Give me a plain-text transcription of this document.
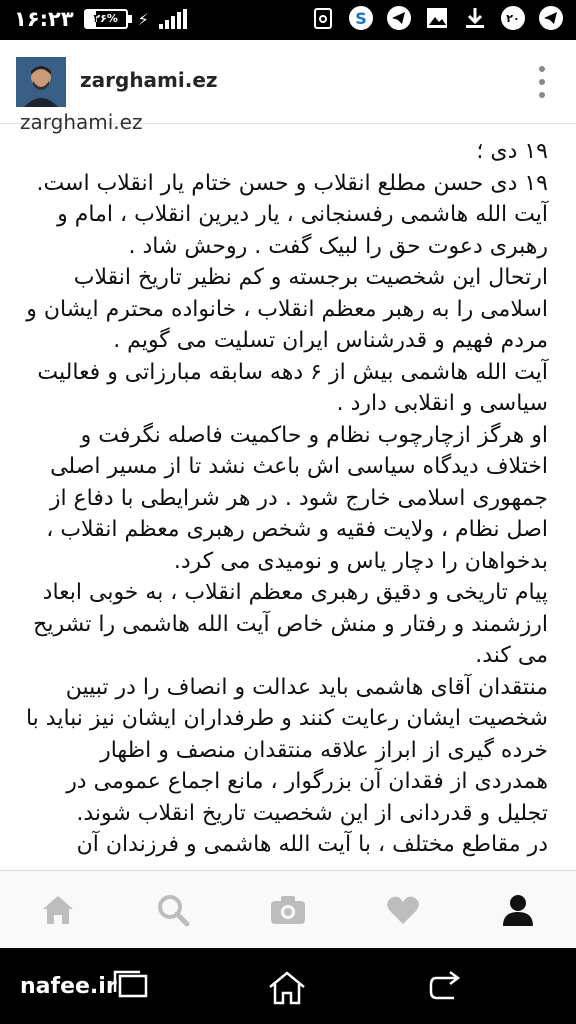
۱۶:۲۳	۲۶%	⚡	S	۲۰
zarghami.ez
zarghami.ez

۱۹ دی ؛

۱۹ دی حسن مطلع انقلاب و حسن ختام یار انقلاب است.

آیت الله هاشمی رفسنجانی ، یار دیرین انقلاب ، امام و رهبری دعوت حق را لبیک گفت . روحش شاد .

ارتحال این شخصیت برجسته و کم نظیر تاریخ انقلاب اسلامی را به رهبر معظم انقلاب ، خانواده محترم ایشان و مردم فهیم و قدرشناس ایران تسلیت می گویم .

آیت الله هاشمی بیش از ۶ دهه سابقه مبارزاتی و فعالیت سیاسی و انقلابی دارد .

او هرگز ازچارچوب نظام و حاکمیت فاصله نگرفت و اختلاف دیدگاه سیاسی اش باعث نشد تا از مسیر اصلی جمهوری اسلامی خارج شود . در هر شرایطی با دفاع از اصل نظام ، ولایت فقیه و شخص رهبری معظم انقلاب ، بدخواهان را دچار یاس و نومیدی می کرد.

پیام تاریخی و دقیق رهبری معظم انقلاب ، به خوبی ابعاد ارزشمند و رفتار و منش خاص آیت الله هاشمی را تشریح می کند.

منتقدان آقای هاشمی باید عدالت و انصاف را در تبیین شخصیت ایشان رعایت کنند و طرفداران ایشان نیز نباید با خرده گیری از ابراز علاقه منتقدان منصف و اظهار همدردی از فقدان آن بزرگوار ، مانع اجماع عمومی در تجلیل و قدردانی از این شخصیت تاریخ انقلاب شوند.

در مقاطع مختلف ، با آیت الله هاشمی و فرزندان آن

nafee.ir
